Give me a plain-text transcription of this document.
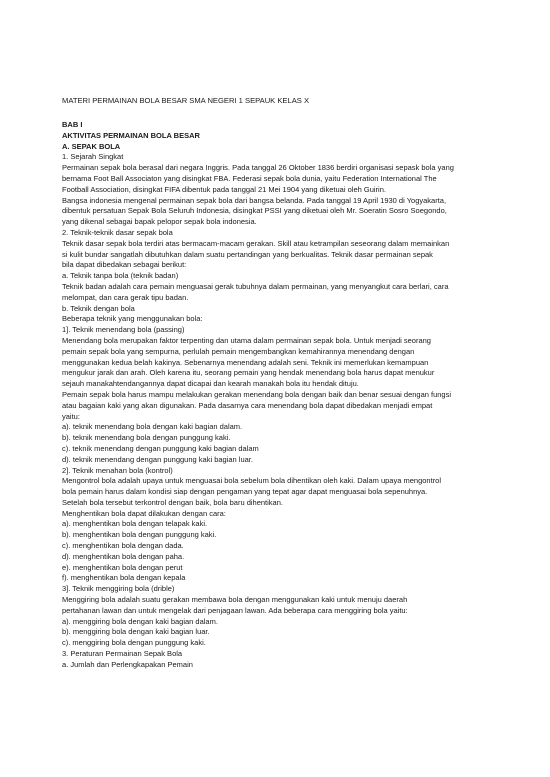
MATERI PERMAINAN BOLA BESAR SMA NEGERI 1 SEPAUK KELAS X

BAB I

AKTIVITAS PERMAINAN BOLA BESAR

A. SEPAK BOLA

1. Sejarah Singkat

Permainan sepak bola berasal dari negara Inggris. Pada tanggal 26 Oktober 1836 berdiri organisasi sepask bola yang

bernama Foot Ball Associaton yang disingkat FBA. Federasi sepak bola dunia, yaitu Federation International The

Football Association, disingkat FIFA dibentuk pada tanggal 21 Mei 1904 yang diketuai oleh Guirin.

Bangsa indonesia mengenal permainan sepak bola dari bangsa belanda. Pada tanggal 19 April 1930 di Yogyakarta,

dibentuk persatuan Sepak Bola Seluruh Indonesia, disingkat PSSI yang diketuai oleh Mr. Soeratin Sosro Soegondo,

yang dikenal sebagai bapak pelopor sepak bola indonesia.

2. Teknik-teknik dasar sepak bola

Teknik dasar sepak bola terdiri atas bermacam-macam gerakan. Skill atau ketrampilan seseorang dalam memainkan

si kulit bundar sangatlah dibutuhkan dalam suatu pertandingan yang berkualitas. Teknik dasar permainan sepak

bila dapat dibedakan sebagai berikut:

a. Teknik tanpa bola (teknik badan)

Teknik badan adalah cara pemain menguasai gerak tubuhnya dalam permainan, yang menyangkut cara berlari, cara

melompat, dan cara gerak tipu badan.

b. Teknik dengan bola

Beberapa teknik yang menggunakan bola:

1]. Teknik menendang bola (passing)

Menendang bola merupakan faktor terpenting dan utama dalam permainan sepak bola. Untuk menjadi seorang

pemain sepak bola yang sempurna, perlulah pemain mengembangkan kemahirannya menendang dengan

menggunakan kedua belah kakinya. Sebenarnya menendang adalah seni. Teknik ini memerlukan kemampuan

mengukur jarak dan arah. Oleh karena itu, seorang pemain yang hendak menendang bola harus dapat menukur

sejauh manakahtendangannya dapat dicapai dan kearah manakah bola itu hendak dituju.

Pemain sepak bola harus mampu melakukan gerakan menendang bola dengan baik dan benar sesuai dengan fungsi

atau bagaian kaki yang akan digunakan. Pada dasarnya cara menendang bola dapat dibedakan menjadi empat

yaitu:

a). teknik menendang bola dengan kaki bagian dalam.

b). teknik menendang bola dengan punggung kaki.

c). teknik menendang dengan punggung kaki bagian dalam

d). teknik menendang dengan punggung kaki bagian luar.

2]. Teknik menahan bola (kontrol)

Mengontrol bola adalah upaya untuk menguasai bola sebelum bola dihentikan oleh kaki. Dalam upaya mengontrol

bola pemain harus dalam kondisi siap dengan pengaman yang tepat agar dapat menguasai bola sepenuhnya.

Setelah bola tersebut terkontrol dengan baik, bola baru dihentikan.

Menghentikan bola dapat dilakukan dengan cara:

a). menghentikan bola dengan telapak kaki.

b). menghentikan bola dengan punggung kaki.

c). menghentikan bola dengan dada.

d). menghentikan bola dengan paha.

e). menghentikan bola dengan perut

f). menghentikan bola dengan kepala

3]. Teknik menggiring bola (drible)

Menggiring bola adalah suatu gerakan membawa bola dengan menggunakan kaki untuk menuju daerah

pertahanan lawan dan untuk mengelak dari penjagaan lawan. Ada beberapa cara menggiring bola yaitu:

a). menggiring bola dengan kaki bagian dalam.

b). menggiring bola dengan kaki bagian luar.

c). menggiring bola dengan punggung kaki.

3. Peraturan Permainan Sepak Bola

a. Jumlah dan Perlengkapakan Pemain
